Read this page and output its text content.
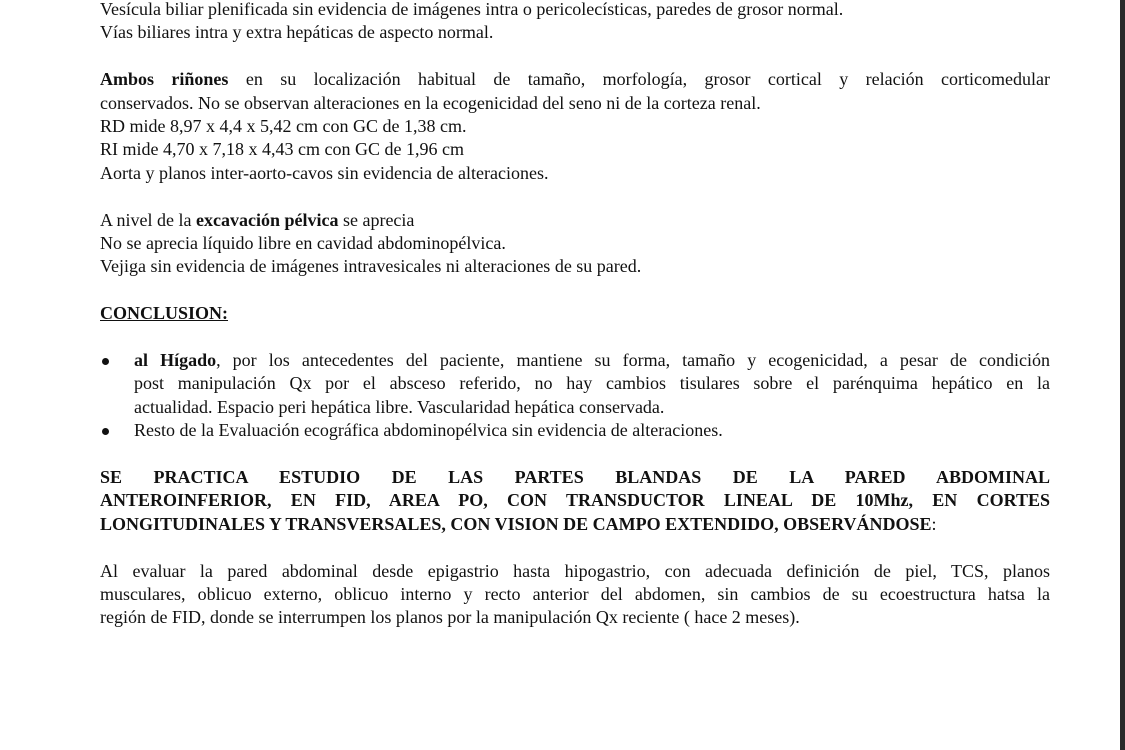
Vesícula biliar plenificada sin evidencia de imágenes intra o pericolecísticas, paredes de grosor normal.
Vías biliares intra y extra hepáticas de aspecto normal.

Ambos riñones en su localización habitual de tamaño, morfología, grosor cortical y relación corticomedular
conservados. No se observan alteraciones en la ecogenicidad del seno ni de la corteza renal.
RD mide 8,97 x 4,4 x 5,42 cm con GC de 1,38 cm.
RI mide 4,70 x 7,18 x 4,43 cm con GC de 1,96 cm
Aorta y planos inter-aorto-cavos sin evidencia de alteraciones.

A nivel de la excavación pélvica se aprecia
No se aprecia líquido libre en cavidad abdominopélvica.
Vejiga sin evidencia de imágenes intravesicales ni alteraciones de su pared.

CONCLUSION:

al Hígado, por los antecedentes del paciente, mantiene su forma, tamaño y ecogenicidad, a pesar de condición
post manipulación Qx por el absceso referido, no hay cambios tisulares sobre el parénquima hepático en la
actualidad. Espacio peri hepática libre. Vascularidad hepática conservada.
Resto de la Evaluación ecográfica abdominopélvica sin evidencia de alteraciones.

SE PRACTICA ESTUDIO DE LAS PARTES BLANDAS DE LA PARED ABDOMINAL
ANTEROINFERIOR, EN FID, AREA PO, CON TRANSDUCTOR LINEAL DE 10Mhz, EN CORTES
LONGITUDINALES Y TRANSVERSALES, CON VISION DE CAMPO EXTENDIDO, OBSERVÁNDOSE:

Al evaluar la pared abdominal desde epigastrio hasta hipogastrio, con adecuada definición de piel, TCS, planos
musculares, oblicuo externo, oblicuo interno y recto anterior del abdomen, sin cambios de su ecoestructura hatsa la
región de FID, donde se interrumpen los planos por la manipulación Qx reciente ( hace 2 meses).
